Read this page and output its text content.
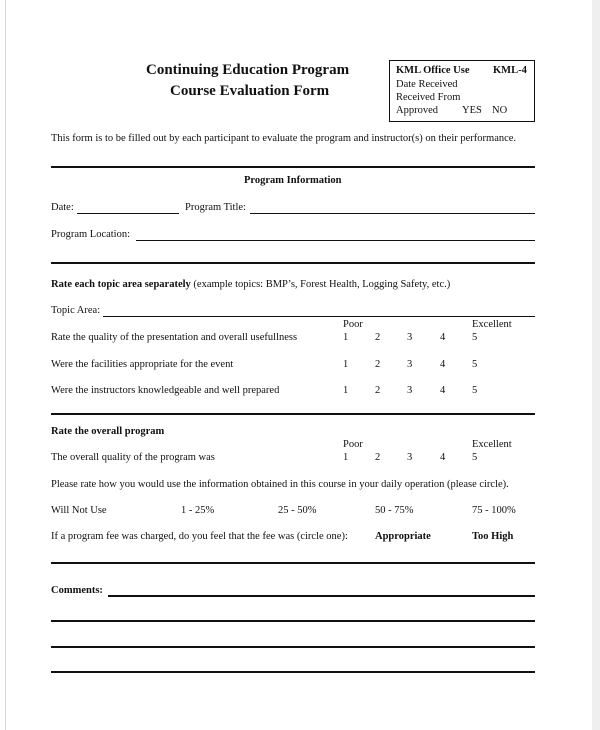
Continuing Education Program
Course Evaluation Form
KML Office Use KML-4
Date Received
Received From
Approved YES NO
This form is to be filled out by each participant to evaluate the program and instructor(s) on their performance.
Program Information
Date:	Program Title:
Program Location:
Rate each topic area separately (example topics: BMP’s, Forest Health, Logging Safety, etc.)
Topic Area:
Poor	Excellent
Rate the quality of the presentation and overall usefullness	1	2	3	4	5
Were the facilities appropriate for the event	1	2	3	4	5
Were the instructors knowledgeable and well prepared	1	2	3	4	5
Rate the overall program
Poor	Excellent
The overall quality of the program was	1	2	3	4	5
Please rate how you would use the information obtained in this course in your daily operation (please circle).
Will Not Use	1 - 25%	25 - 50%	50 - 75%	75 - 100%
If a program fee was charged, do you feel that the fee was (circle one):	Appropriate	Too High
Comments:
